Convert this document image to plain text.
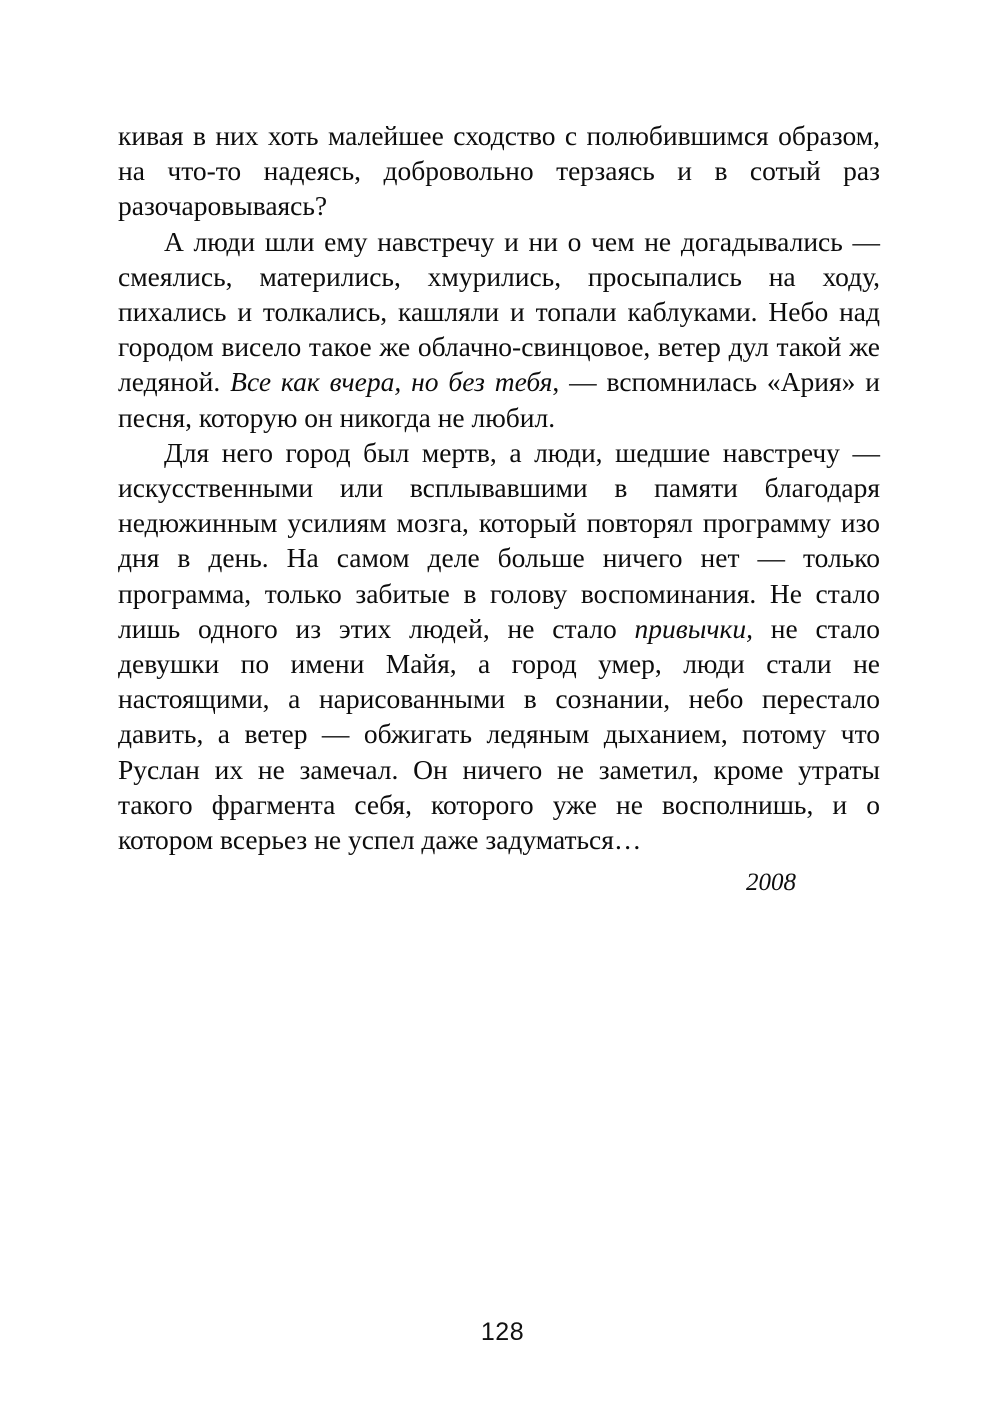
кивая в них хоть малейшее сходство с полюбившимся образом, на что-то надеясь, добровольно терзаясь и в сотый раз разочаровываясь?

А люди шли ему навстречу и ни о чем не догадывались — смеялись, матерились, хмурились, просыпались на ходу, пихались и толкались, кашляли и топали каблуками. Небо над городом висело такое же облачно-свинцовое, ветер дул такой же ледяной. Все как вчера, но без тебя, — вспомнилась «Ария» и песня, которую он никогда не любил.

Для него город был мертв, а люди, шедшие навстречу — искусственными или всплывавшими в памяти благодаря недюжинным усилиям мозга, который повторял программу изо дня в день. На самом деле больше ничего нет — только программа, только забитые в голову воспоминания. Не стало лишь одного из этих людей, не стало привычки, не стало девушки по имени Майя, а город умер, люди стали не настоящими, а нарисованными в сознании, небо перестало давить, а ветер — обжигать ледяным дыханием, потому что Руслан их не замечал. Он ничего не заметил, кроме утраты такого фрагмента себя, которого уже не восполнишь, и о котором всерьез не успел даже задуматься…

2008

128
